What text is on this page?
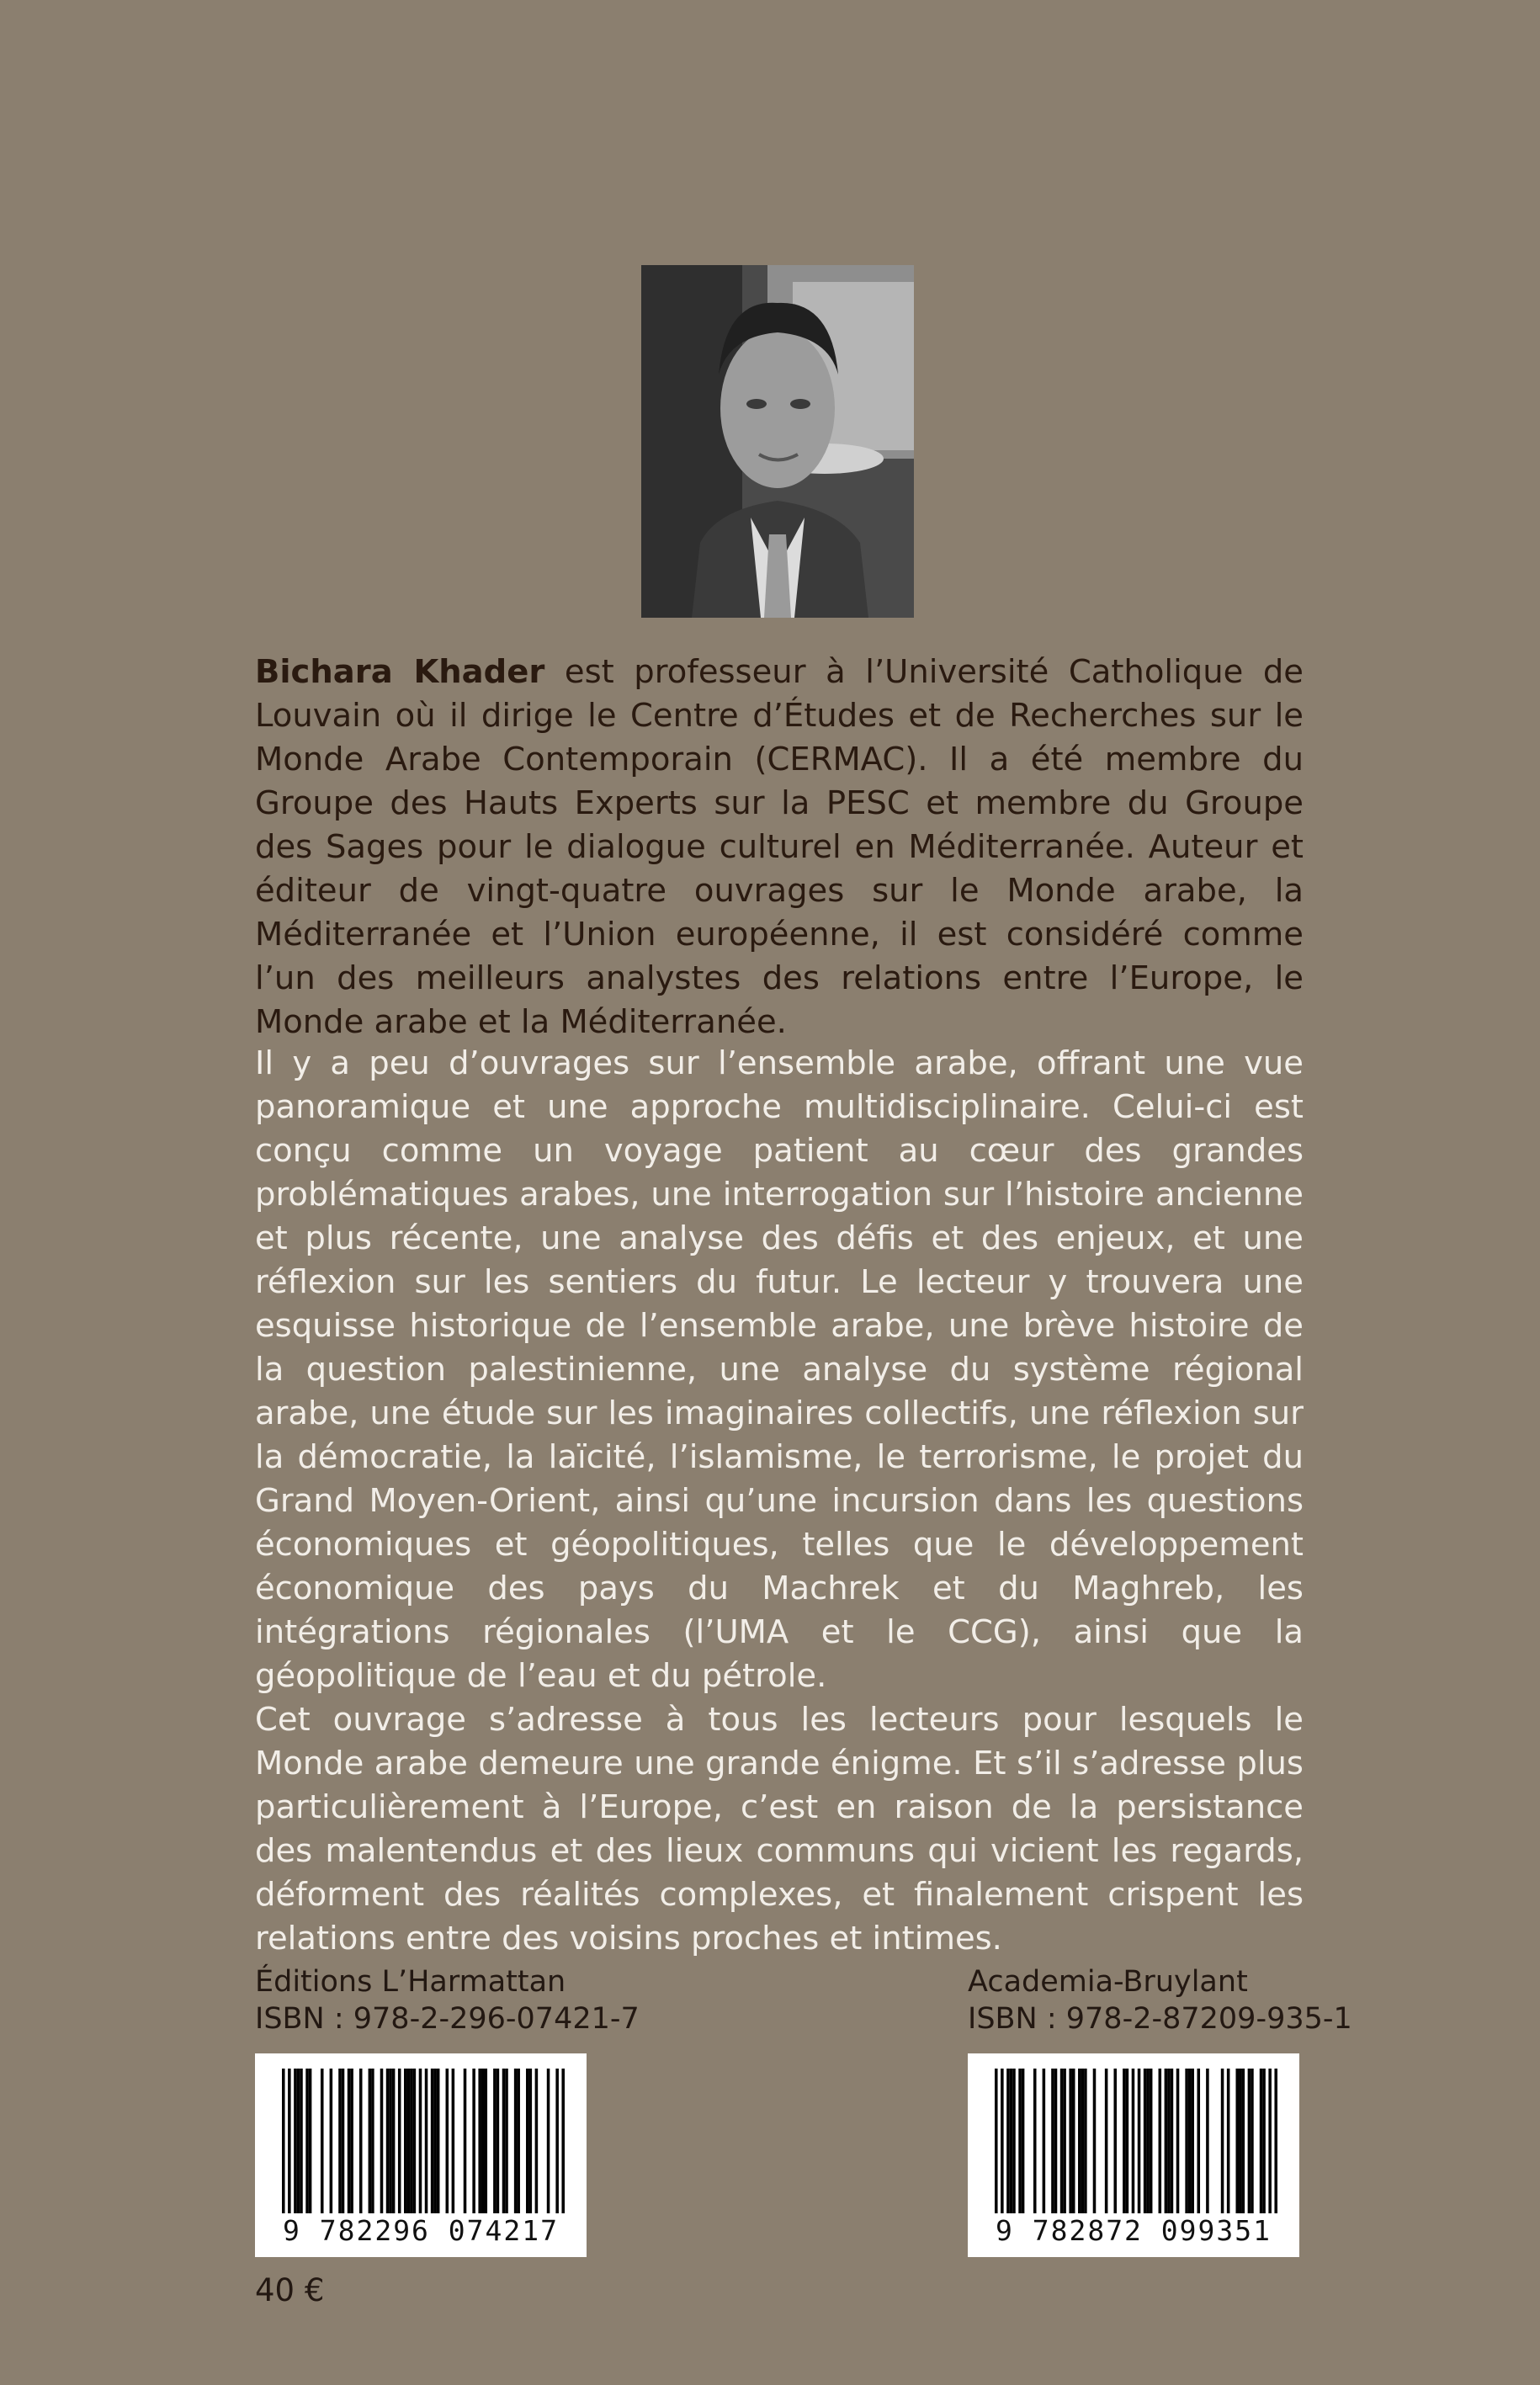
Bichara Khader est professeur à l’Université Catholique de Louvain où il dirige le Centre d’Études et de Recherches sur le Monde Arabe Contemporain (CERMAC). Il a été membre du Groupe des Hauts Experts sur la PESC et membre du Groupe des Sages pour le dialogue culturel en Méditerranée. Auteur et éditeur de vingt-quatre ouvrages sur le Monde arabe, la Méditerranée et l’Union européenne, il est considéré comme l’un des meilleurs analystes des relations entre l’Europe, le Monde arabe et la Méditerranée.

Il y a peu d’ouvrages sur l’ensemble arabe, offrant une vue panoramique et une approche multidisciplinaire. Celui-ci est conçu comme un voyage patient au cœur des grandes problématiques arabes, une interrogation sur l’histoire ancienne et plus récente, une analyse des défis et des enjeux, et une réflexion sur les sentiers du futur. Le lecteur y trouvera une esquisse historique de l’ensemble arabe, une brève histoire de la question palestinienne, une analyse du système régional arabe, une étude sur les imaginaires collectifs, une réflexion sur la démocratie, la laïcité, l’islamisme, le terrorisme, le projet du Grand Moyen-Orient, ainsi qu’une incursion dans les questions économiques et géopolitiques, telles que le développement économique des pays du Machrek et du Maghreb, les intégrations régionales (l’UMA et le CCG), ainsi que la géopolitique de l’eau et du pétrole.

Cet ouvrage s’adresse à tous les lecteurs pour lesquels le Monde arabe demeure une grande énigme. Et s’il s’adresse plus particulièrement à l’Europe, c’est en raison de la persistance des malentendus et des lieux communs qui vicient les regards, déforment des réalités complexes, et finalement crispent les relations entre des voisins proches et intimes.

Éditions L’Harmattan
ISBN : 978-2-296-07421-7
Academia-Bruylant
ISBN : 978-2-87209-935-1
9 782296 074217	9 782872 099351
40 €
